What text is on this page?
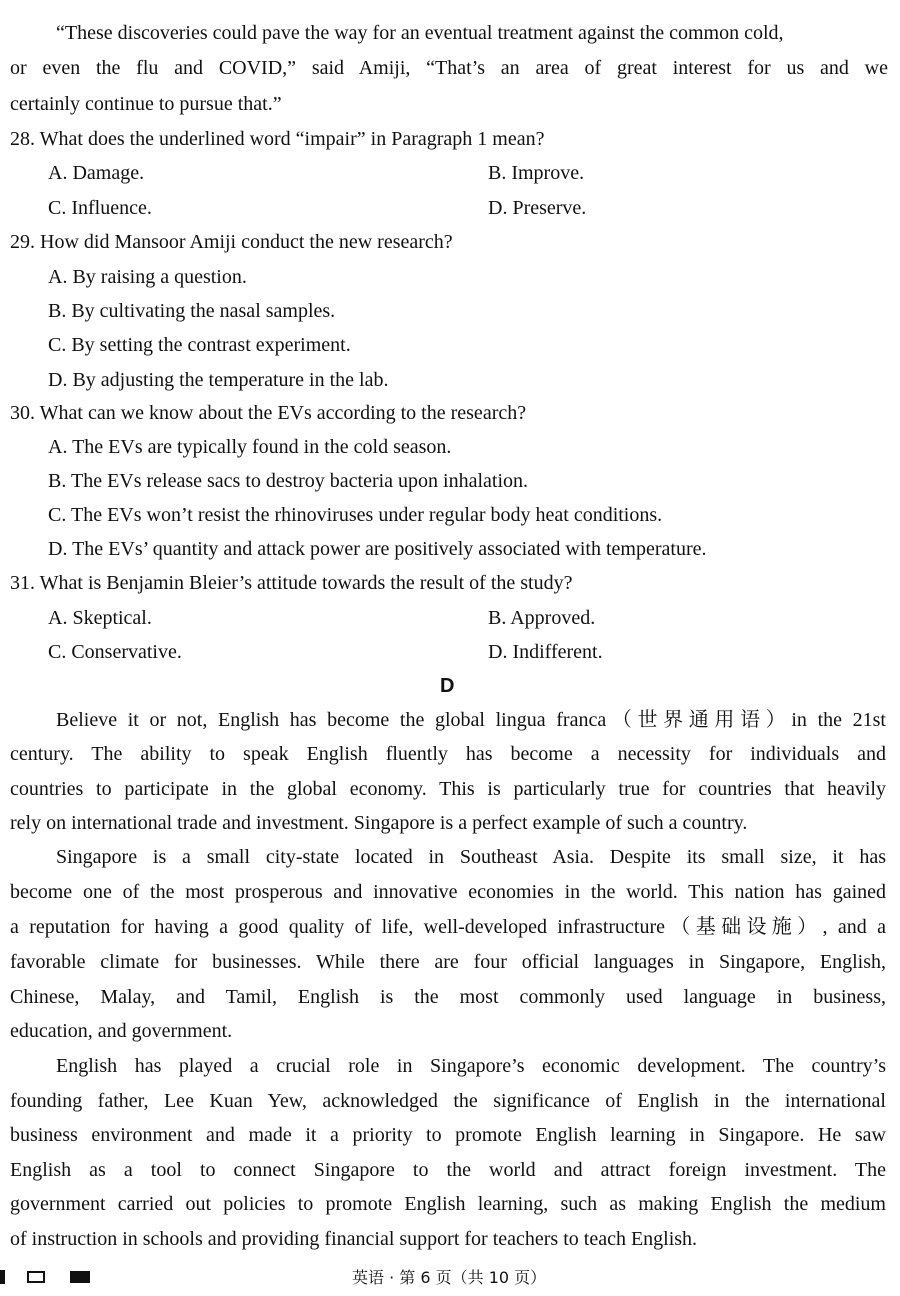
“These discoveries could pave the way for an eventual treatment against the common cold,
or even the flu and COVID,” said Amiji, “That’s an area of great interest for us and we
certainly continue to pursue that.”
28. What does the underlined word “impair” in Paragraph 1 mean?
A. Damage.	B. Improve.
C. Influence.	D. Preserve.
29. How did Mansoor Amiji conduct the new research?
A. By raising a question.
B. By cultivating the nasal samples.
C. By setting the contrast experiment.
D. By adjusting the temperature in the lab.
30. What can we know about the EVs according to the research?
A. The EVs are typically found in the cold season.
B. The EVs release sacs to destroy bacteria upon inhalation.
C. The EVs won’t resist the rhinoviruses under regular body heat conditions.
D. The EVs’ quantity and attack power are positively associated with temperature.
31. What is Benjamin Bleier’s attitude towards the result of the study?
A. Skeptical.	B. Approved.
C. Conservative.	D. Indifferent.
D
Believe it or not, English has become the global lingua franca（世界通用语）in the 21st
century. The ability to speak English fluently has become a necessity for individuals and
countries to participate in the global economy. This is particularly true for countries that heavily
rely on international trade and investment. Singapore is a perfect example of such a country.
Singapore is a small city-state located in Southeast Asia. Despite its small size, it has
become one of the most prosperous and innovative economies in the world. This nation has gained
a reputation for having a good quality of life, well-developed infrastructure（基础设施）, and a
favorable climate for businesses. While there are four official languages in Singapore, English,
Chinese, Malay, and Tamil, English is the most commonly used language in business,
education, and government.
English has played a crucial role in Singapore’s economic development. The country’s
founding father, Lee Kuan Yew, acknowledged the significance of English in the international
business environment and made it a priority to promote English learning in Singapore. He saw
English as a tool to connect Singapore to the world and attract foreign investment. The
government carried out policies to promote English learning, such as making English the medium
of instruction in schools and providing financial support for teachers to teach English.
英语 · 第 6 页（共 10 页）
